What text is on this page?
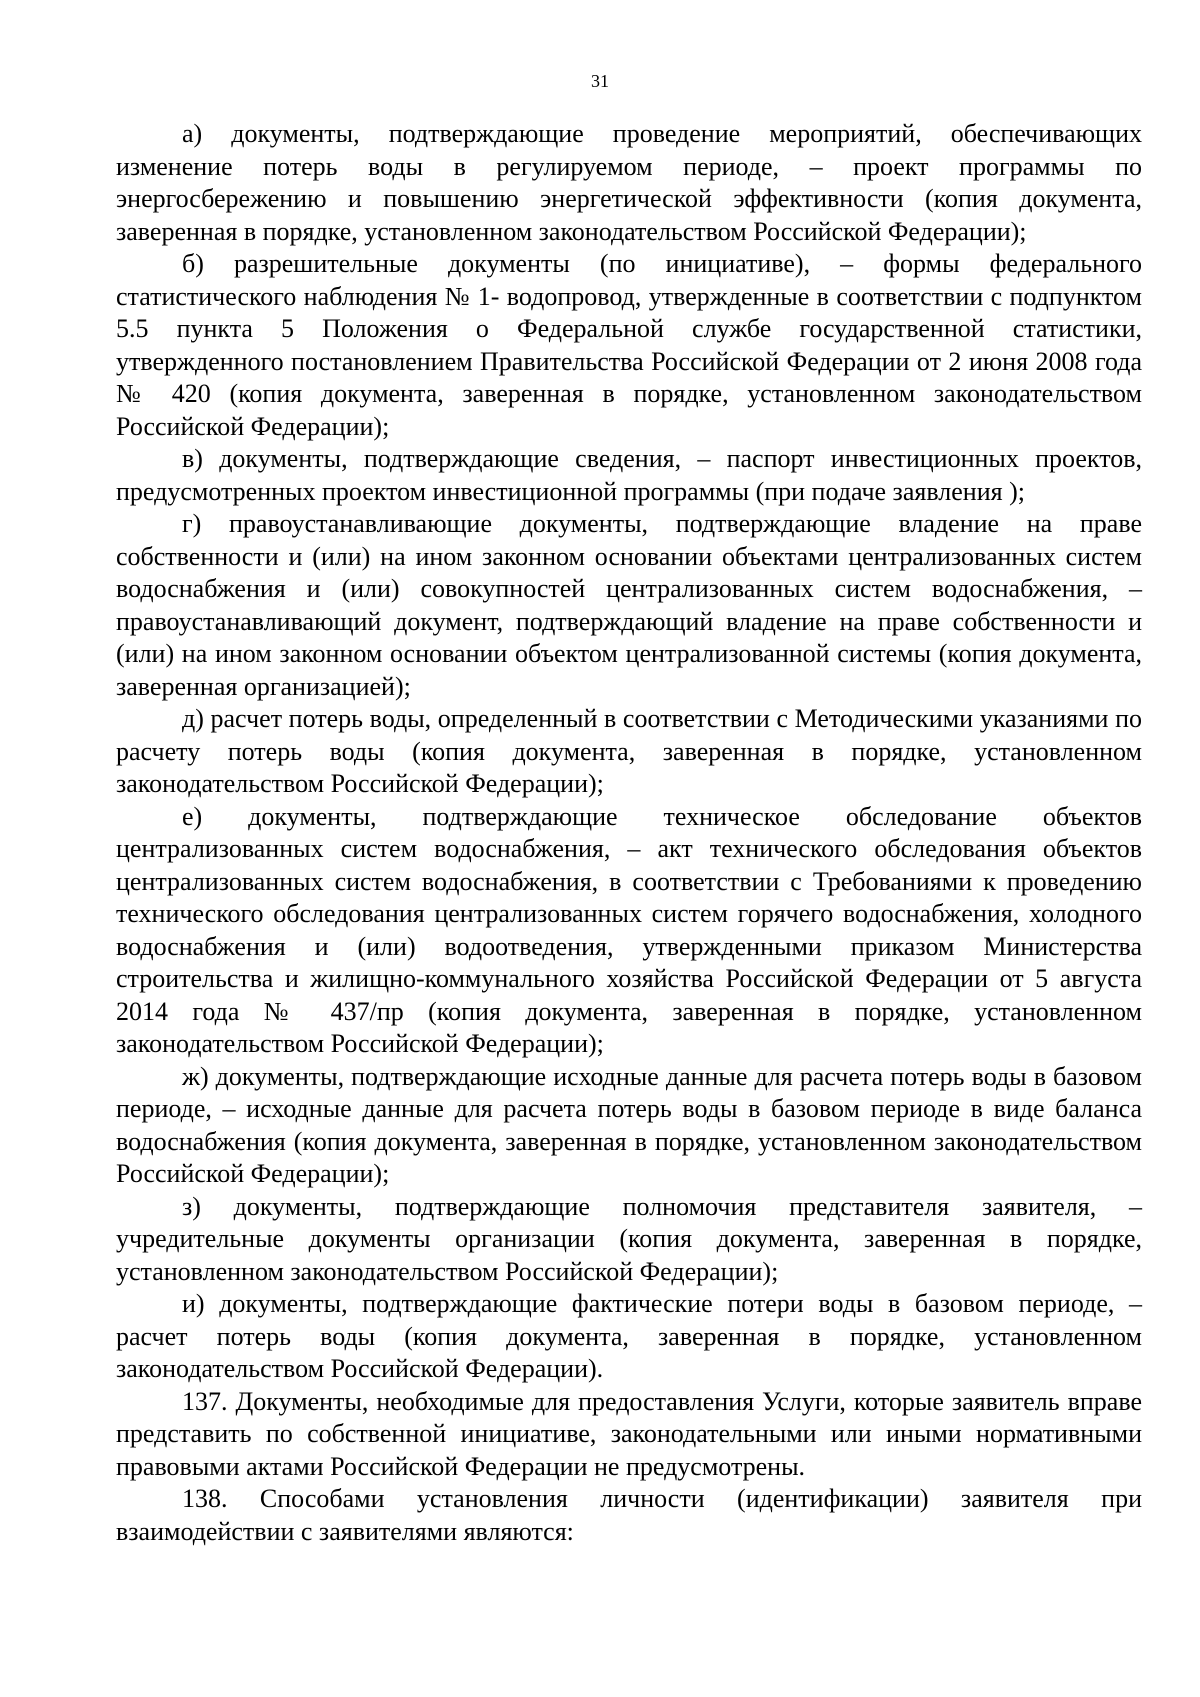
31

а) документы, подтверждающие проведение мероприятий, обеспечивающих изменение потерь воды в регулируемом периоде, – проект программы по энергосбережению и повышению энергетической эффективности (копия документа, заверенная в порядке, установленном законодательством Российской Федерации);

б) разрешительные документы (по инициативе), – формы федерального статистического наблюдения № 1- водопровод, утвержденные в соответствии с подпунктом 5.5 пункта 5 Положения о Федеральной службе государственной статистики, утвержденного постановлением Правительства Российской Федерации от 2 июня 2008 года № 420 (копия документа, заверенная в порядке, установленном законодательством Российской Федерации);

в) документы, подтверждающие сведения, – паспорт инвестиционных проектов, предусмотренных проектом инвестиционной программы (при подаче заявления );

г) правоустанавливающие документы, подтверждающие владение на праве собственности и (или) на ином законном основании объектами централизованных систем водоснабжения и (или) совокупностей централизованных систем водоснабжения, – правоустанавливающий документ, подтверждающий владение на праве собственности и (или) на ином законном основании объектом централизованной системы (копия документа, заверенная организацией);

д) расчет потерь воды, определенный в соответствии с Методическими указаниями по расчету потерь воды (копия документа, заверенная в порядке, установленном законодательством Российской Федерации);

е) документы, подтверждающие техническое обследование объектов централизованных систем водоснабжения, – акт технического обследования объектов централизованных систем водоснабжения, в соответствии с Требованиями к проведению технического обследования централизованных систем горячего водоснабжения, холодного водоснабжения и (или) водоотведения, утвержденными приказом Министерства строительства и жилищно-коммунального хозяйства Российской Федерации от 5 августа 2014 года № 437/пр (копия документа, заверенная в порядке, установленном законодательством Российской Федерации);

ж) документы, подтверждающие исходные данные для расчета потерь воды в базовом периоде, – исходные данные для расчета потерь воды в базовом периоде в виде баланса водоснабжения (копия документа, заверенная в порядке, установленном законодательством Российской Федерации);

з) документы, подтверждающие полномочия представителя заявителя, – учредительные документы организации (копия документа, заверенная в порядке, установленном законодательством Российской Федерации);

и) документы, подтверждающие фактические потери воды в базовом периоде, – расчет потерь воды (копия документа, заверенная в порядке, установленном законодательством Российской Федерации).

137. Документы, необходимые для предоставления Услуги, которые заявитель вправе представить по собственной инициативе, законодательными или иными нормативными правовыми актами Российской Федерации не предусмотрены.

138. Способами установления личности (идентификации) заявителя при взаимодействии с заявителями являются:
